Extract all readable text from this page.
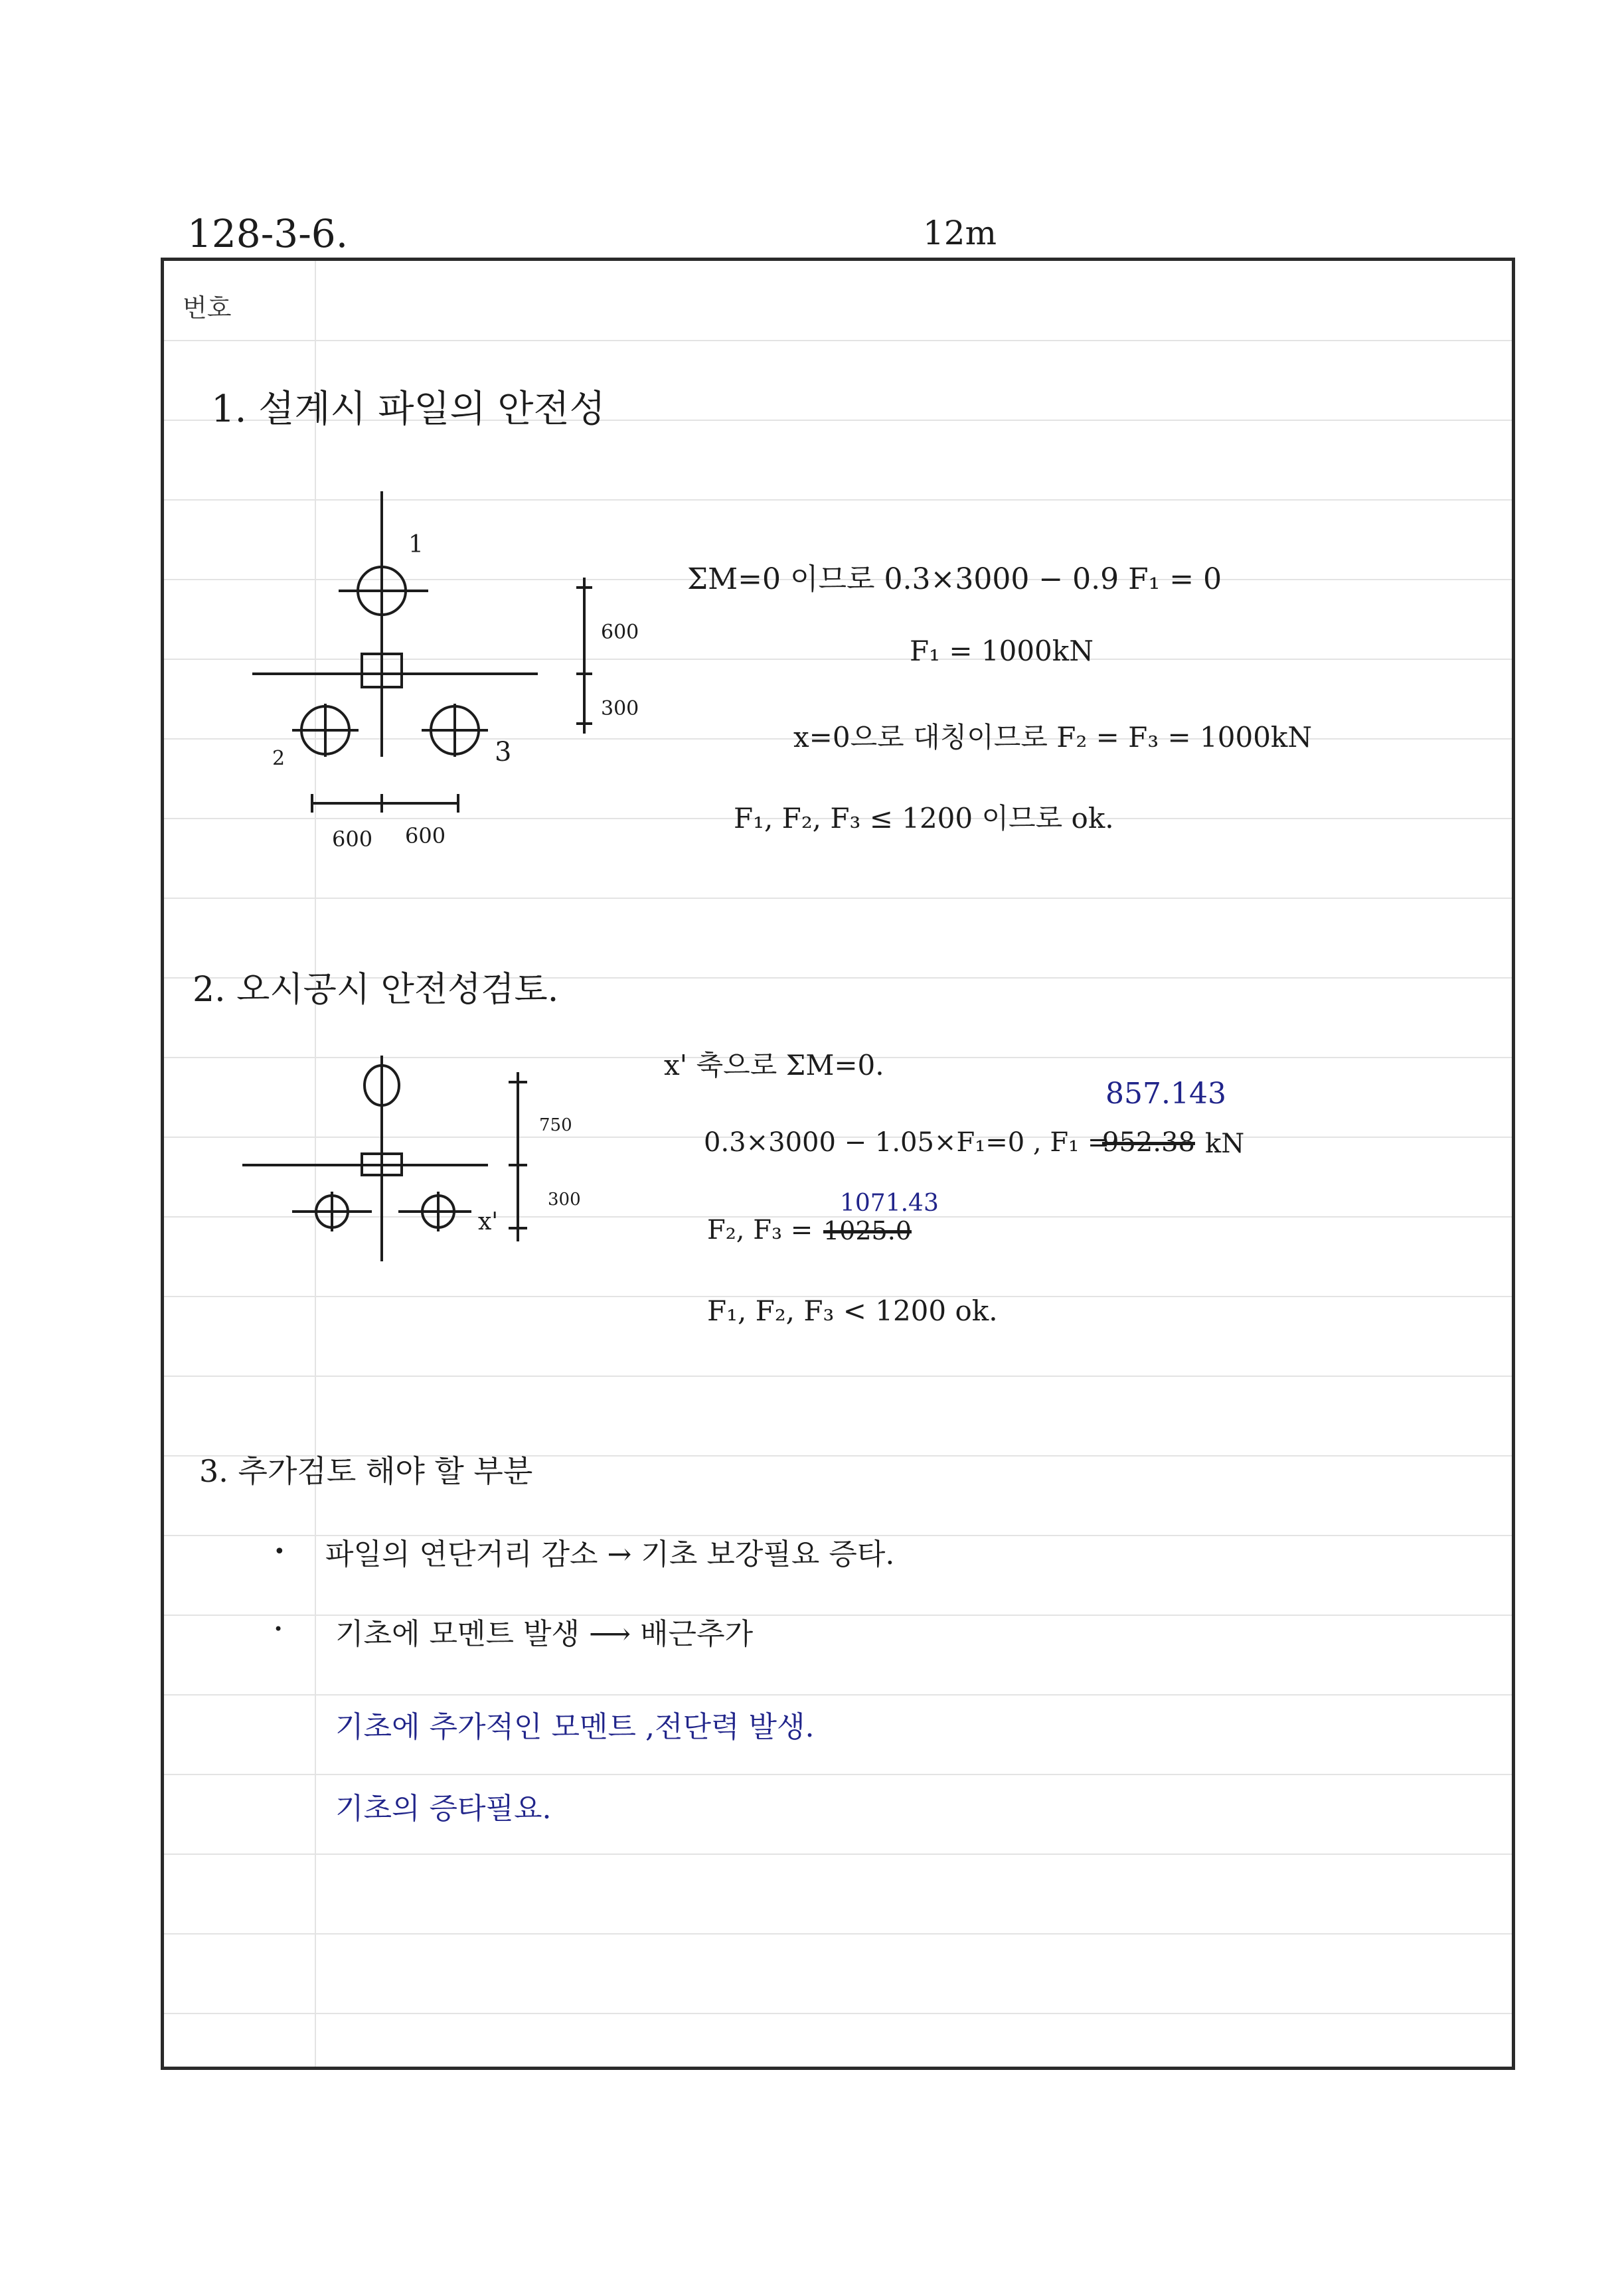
128-3-6.	12m
번호
1. 설계시 파일의 안전성
1
2	3
600
300
600 600
ΣM=0 이므로 0.3×3000 − 0.9 F₁ = 0
F₁ = 1000kN
x=0으로 대칭이므로 F₂ = F₃ = 1000kN
F₁, F₂, F₃ ≤ 1200 이므로 ok.
2. 오시공시 안전성검토.
750
300
x'
x' 축으로 ΣM=0.
0.3×3000 − 1.05×F₁=0 , F₁ =
952.38 kN
857.143
F₂, F₃ = 1025.0
1071.43
F₁, F₂, F₃ < 1200 ok.
3. 추가검토 해야 할 부분
• 파일의 연단거리 감소 → 기초 보강필요 증타.
• 기초에 모멘트 발생 ⟶ 배근추가
기초에 추가적인 모멘트 ,전단력 발생.
기초의 증타필요.
